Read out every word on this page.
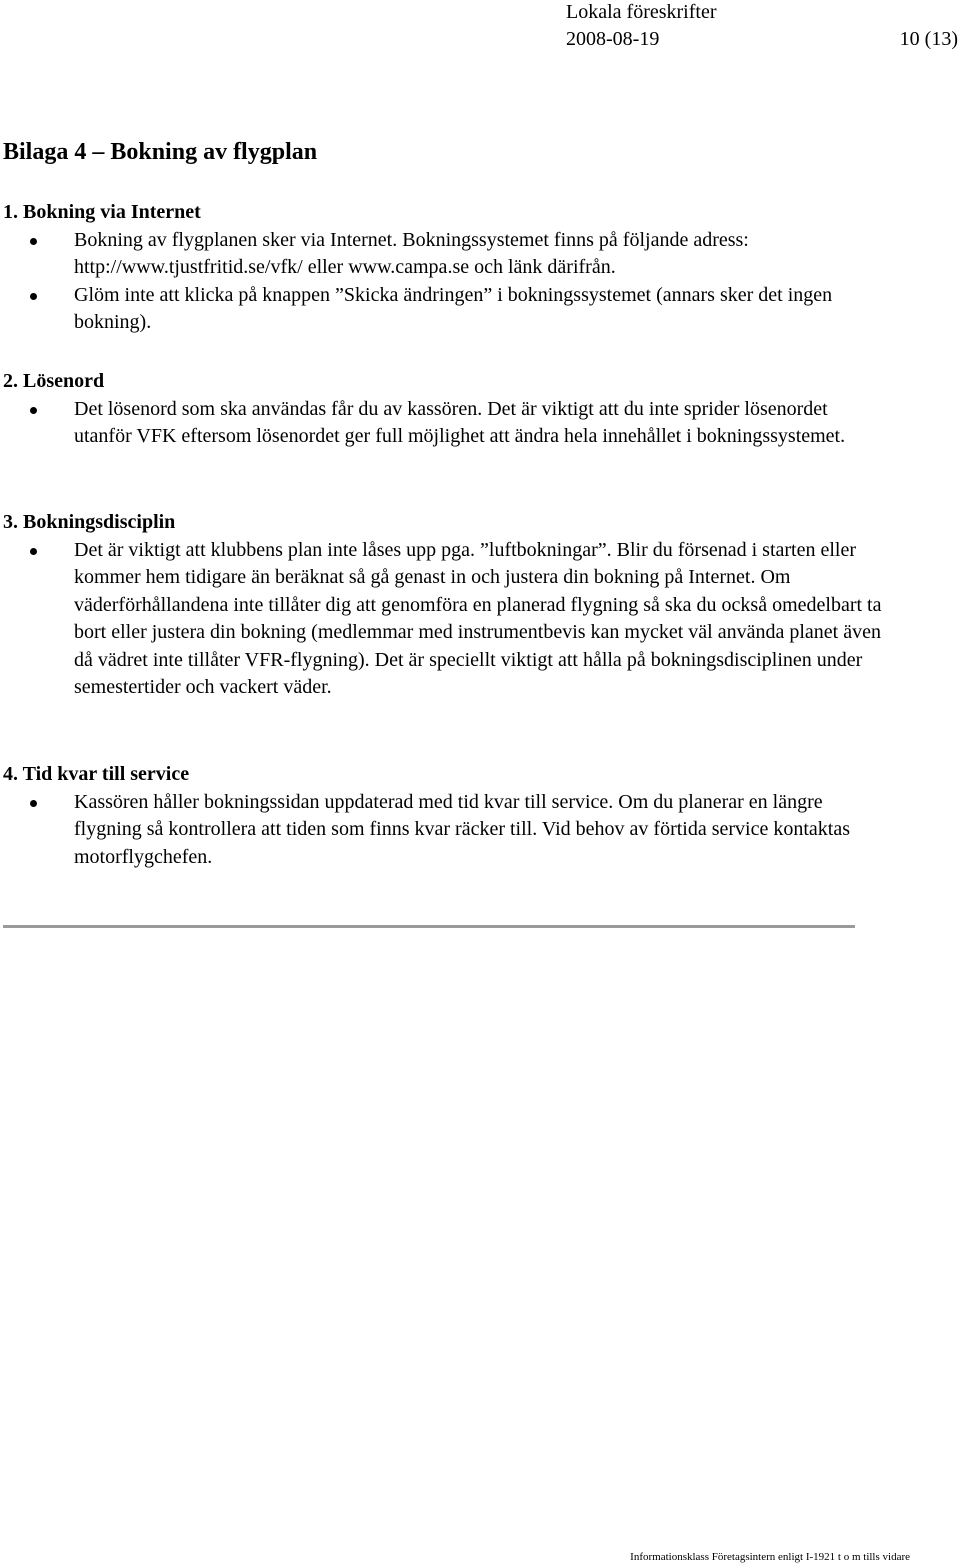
Lokala föreskrifter
2008-08-19	10 (13)
Bilaga 4 – Bokning av flygplan
1. Bokning via Internet
Bokning av flygplanen sker via Internet. Bokningssystemet finns på följande adress: http://www.tjustfritid.se/vfk/ eller www.campa.se och länk därifrån.
Glöm inte att klicka på knappen ”Skicka ändringen” i bokningssystemet (annars sker det ingen bokning).
2. Lösenord
Det lösenord som ska användas får du av kassören. Det är viktigt att du inte sprider lösenordet utanför VFK eftersom lösenordet ger full möjlighet att ändra hela innehållet i bokningssystemet.
3. Bokningsdisciplin
Det är viktigt att klubbens plan inte låses upp pga. ”luftbokningar”. Blir du försenad i starten eller kommer hem tidigare än beräknat så gå genast in och justera din bokning på Internet. Om väderförhållandena inte tillåter dig att genomföra en planerad flygning så ska du också omedelbart ta bort eller justera din bokning (medlemmar med instrumentbevis kan mycket väl använda planet även då vädret inte tillåter VFR-flygning). Det är speciellt viktigt att hålla på bokningsdisciplinen under semestertider och vackert väder.
4. Tid kvar till service
Kassören håller bokningssidan uppdaterad med tid kvar till service. Om du planerar en längre flygning så kontrollera att tiden som finns kvar räcker till. Vid behov av förtida service kontaktas motorflygchefen.
Informationsklass Företagsintern enligt I-1921 t o m tills vidare
